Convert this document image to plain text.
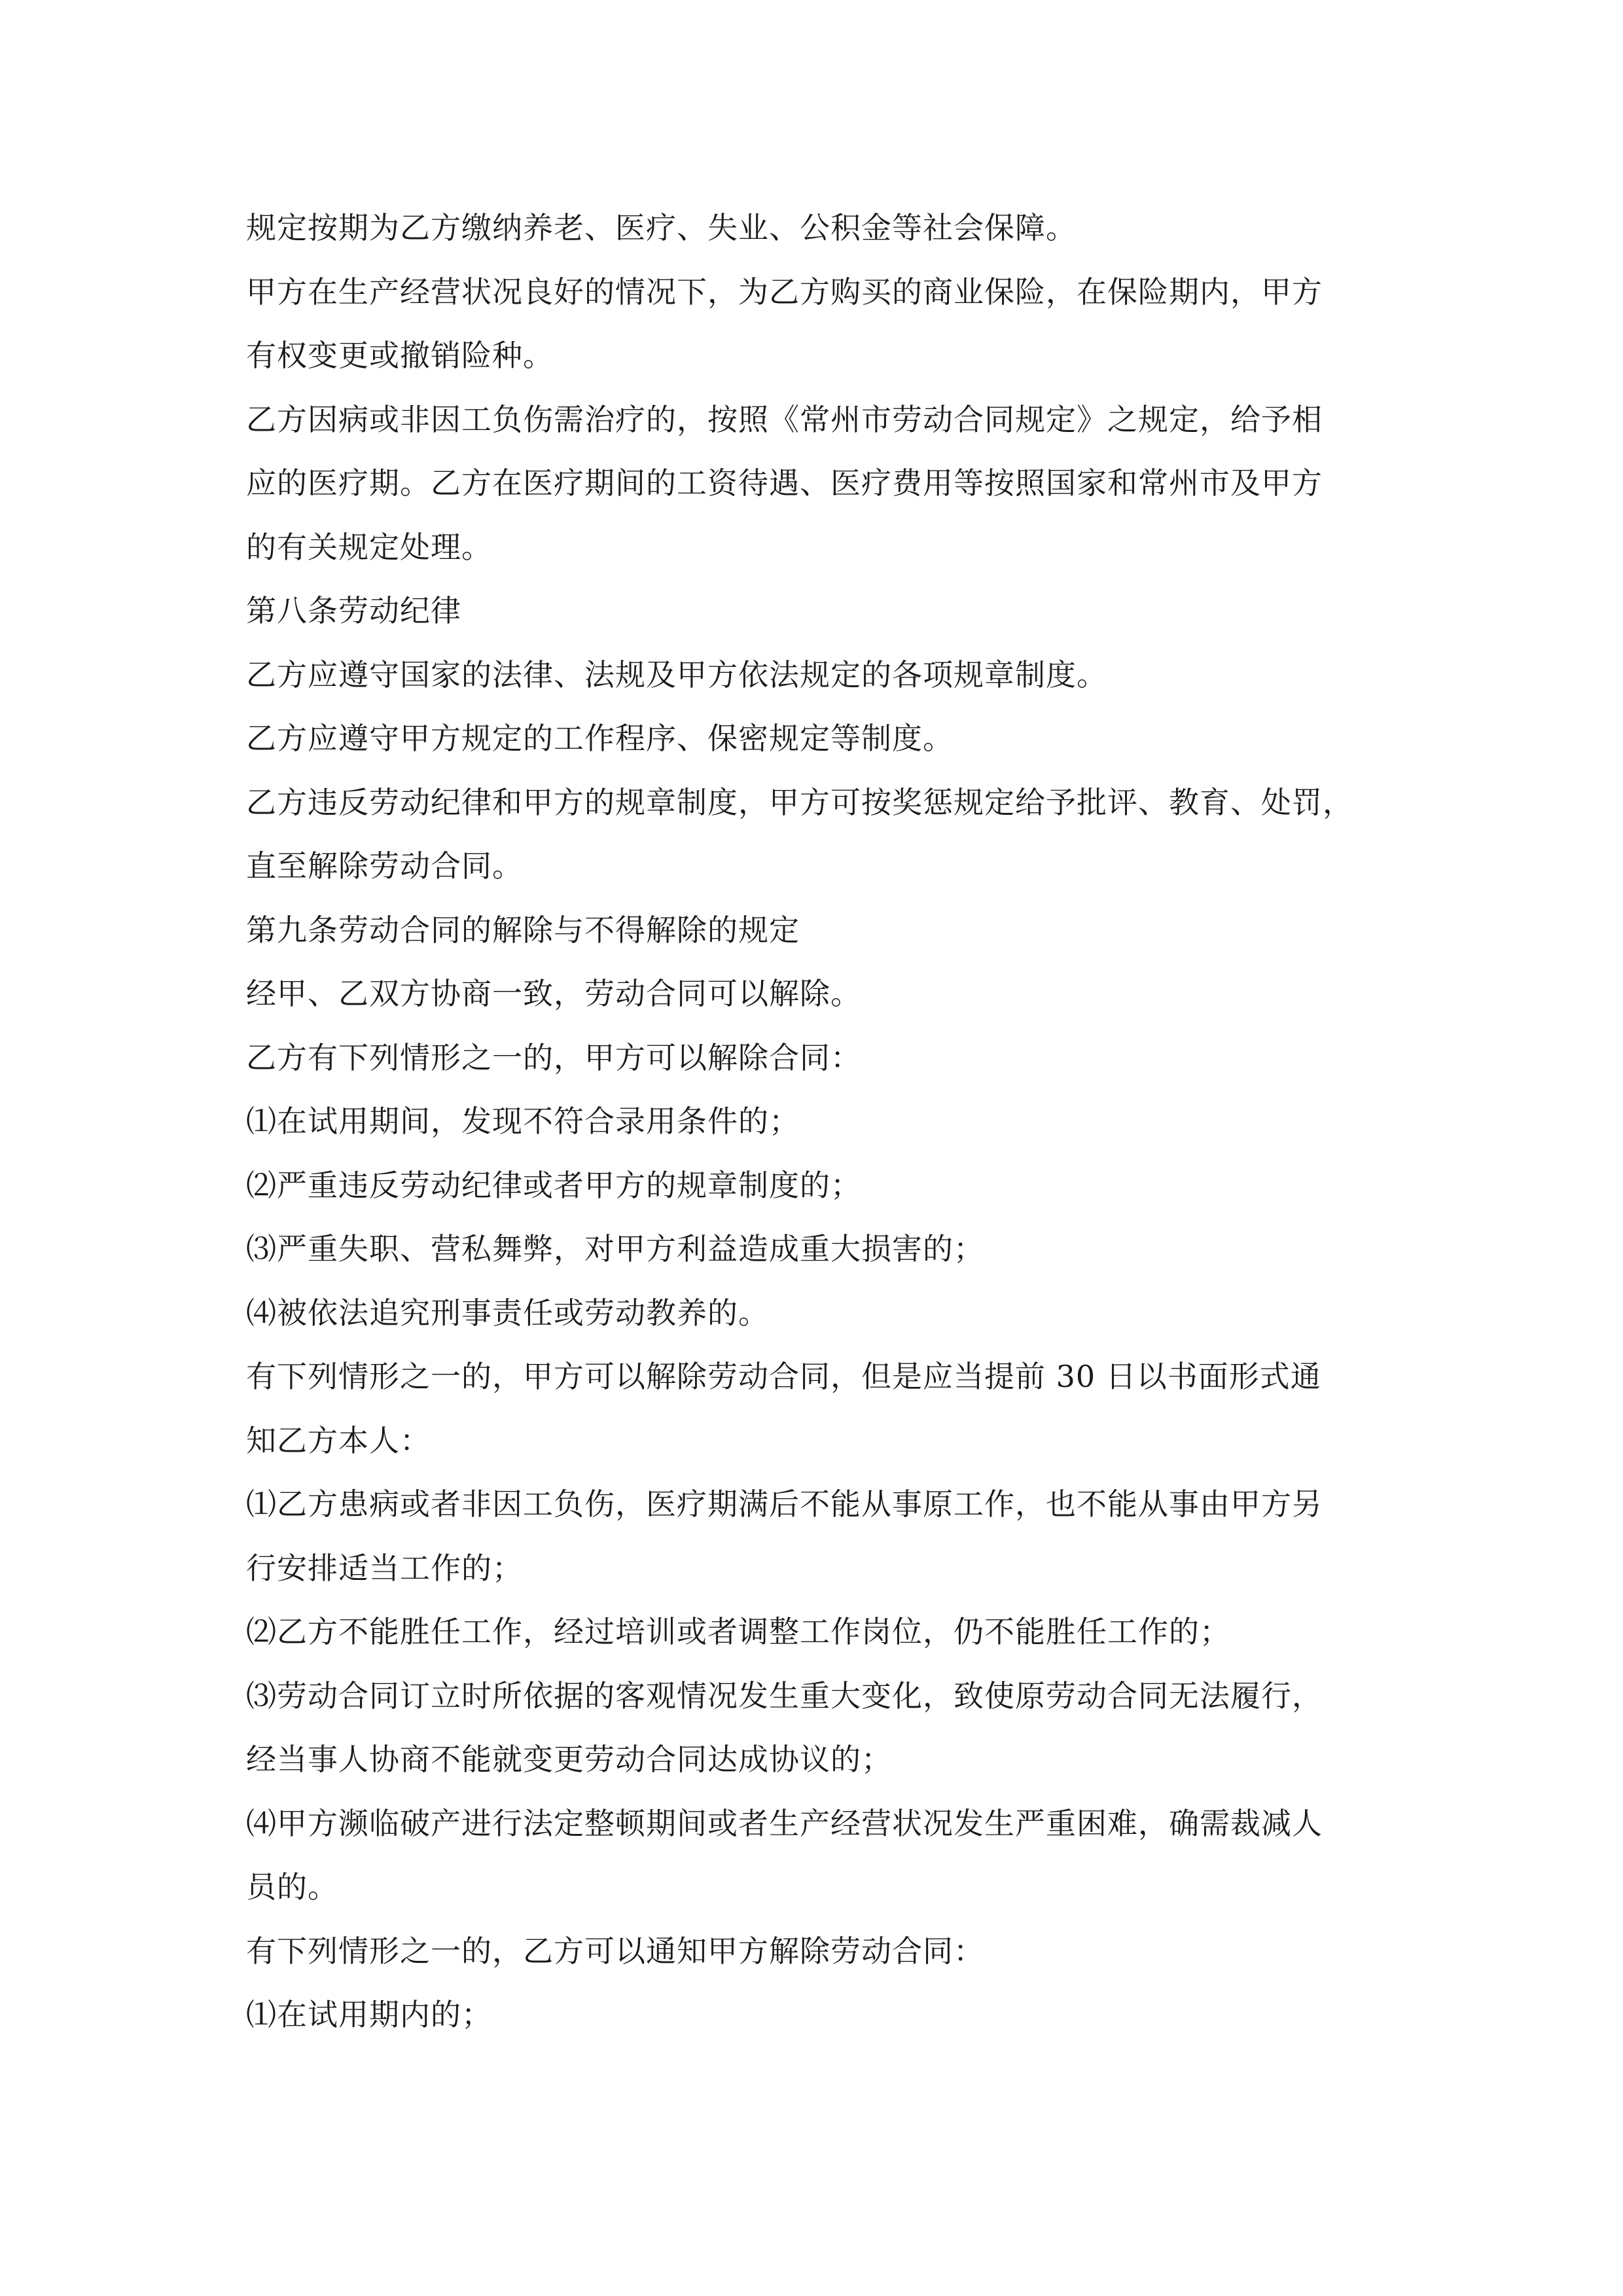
规定按期为乙方缴纳养老、医疗、失业、公积金等社会保障。

甲方在生产经营状况良好的情况下，为乙方购买的商业保险，在保险期内，甲方

有权变更或撤销险种。

乙方因病或非因工负伤需治疗的，按照《常州市劳动合同规定》之规定，给予相

应的医疗期。乙方在医疗期间的工资待遇、医疗费用等按照国家和常州市及甲方

的有关规定处理。

第八条劳动纪律

乙方应遵守国家的法律、法规及甲方依法规定的各项规章制度。

乙方应遵守甲方规定的工作程序、保密规定等制度。

乙方违反劳动纪律和甲方的规章制度，甲方可按奖惩规定给予批评、教育、处罚，

直至解除劳动合同。

第九条劳动合同的解除与不得解除的规定

经甲、乙双方协商一致，劳动合同可以解除。

乙方有下列情形之一的，甲方可以解除合同：

⑴在试用期间，发现不符合录用条件的；

⑵严重违反劳动纪律或者甲方的规章制度的；

⑶严重失职、营私舞弊，对甲方利益造成重大损害的；

⑷被依法追究刑事责任或劳动教养的。

有下列情形之一的，甲方可以解除劳动合同，但是应当提前 30 日以书面形式通

知乙方本人：

⑴乙方患病或者非因工负伤，医疗期满后不能从事原工作，也不能从事由甲方另

行安排适当工作的；

⑵乙方不能胜任工作，经过培训或者调整工作岗位，仍不能胜任工作的；

⑶劳动合同订立时所依据的客观情况发生重大变化，致使原劳动合同无法履行，

经当事人协商不能就变更劳动合同达成协议的；

⑷甲方濒临破产进行法定整顿期间或者生产经营状况发生严重困难，确需裁减人

员的。

有下列情形之一的，乙方可以通知甲方解除劳动合同：

⑴在试用期内的；
